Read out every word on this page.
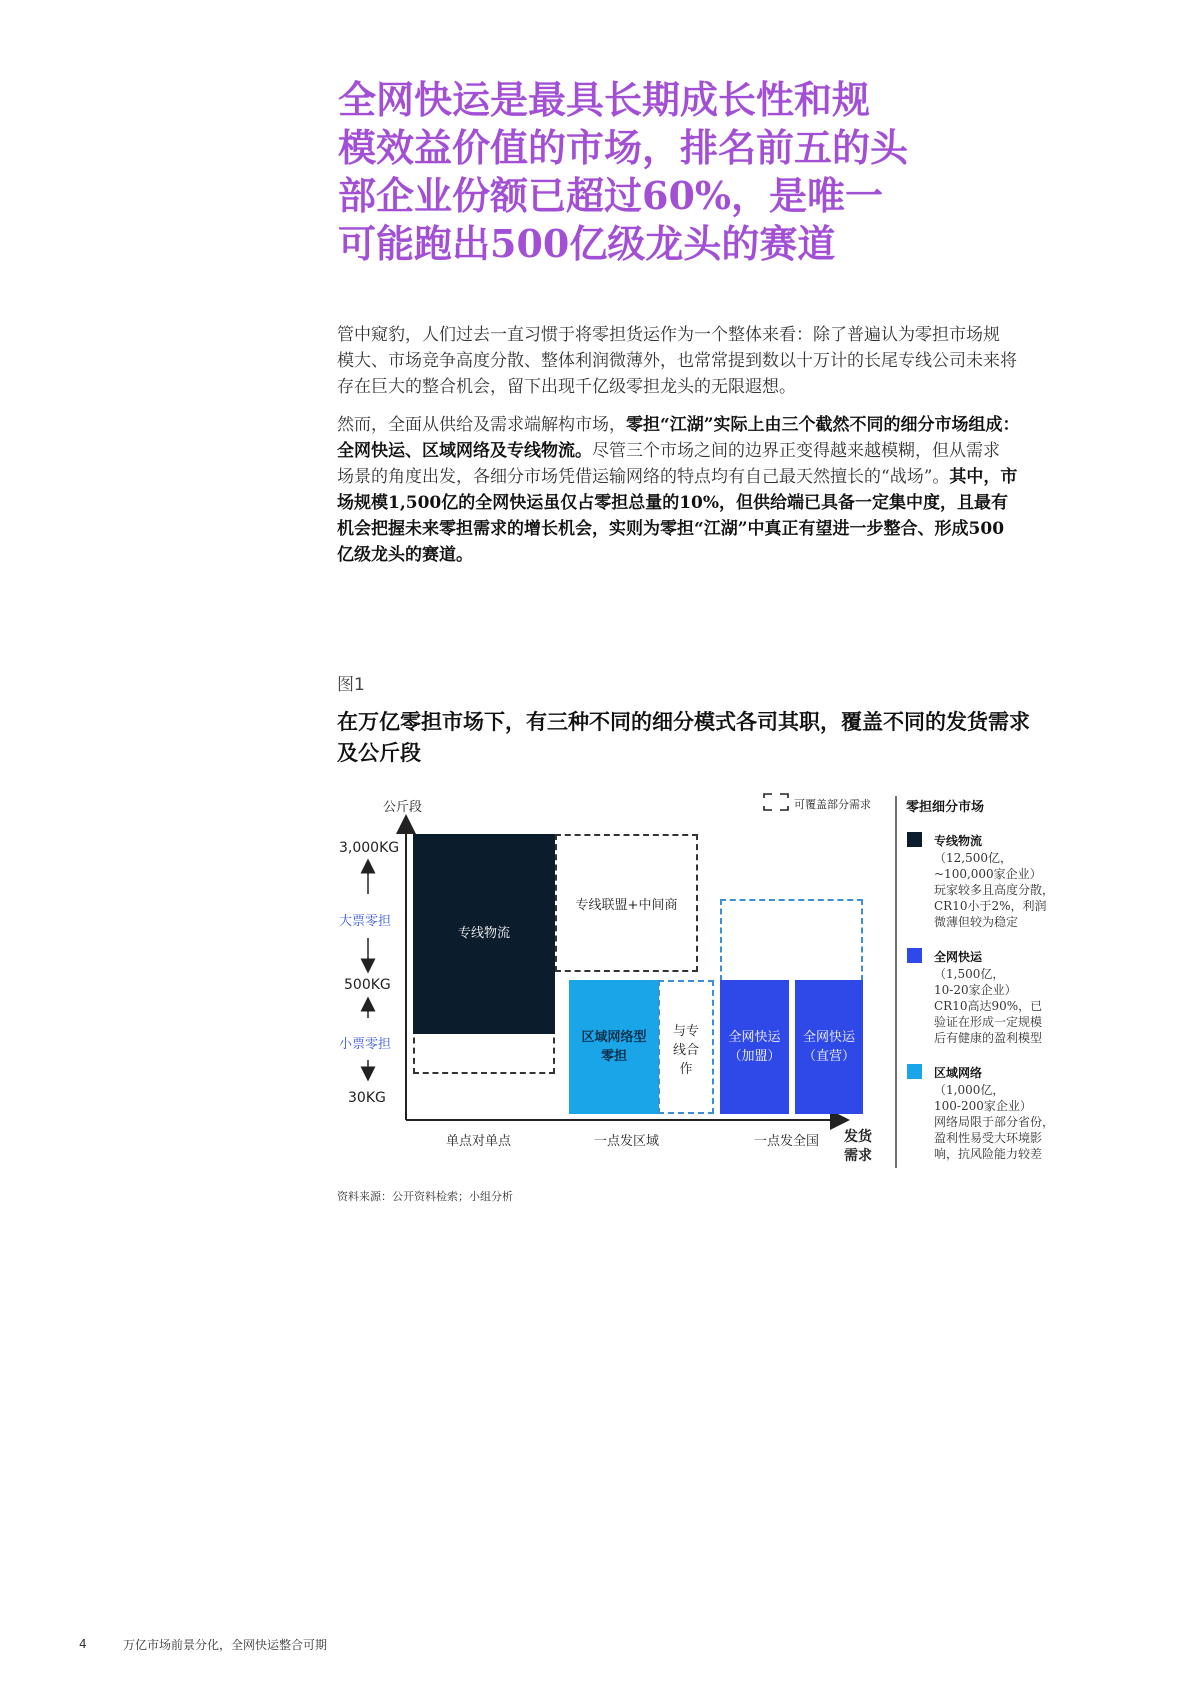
全网快运是最具长期成长性和规
模效益价值的市场，排名前五的头
部企业份额已超过60%，是唯一
可能跑出500亿级龙头的赛道
管中窥豹，人们过去一直习惯于将零担货运作为一个整体来看：除了普遍认为零担市场规
模大、市场竞争高度分散、整体利润微薄外，也常常提到数以十万计的长尾专线公司未来将
存在巨大的整合机会，留下出现千亿级零担龙头的无限遐想。
然而，全面从供给及需求端解构市场，零担“江湖”实际上由三个截然不同的细分市场组成：
全网快运、区域网络及专线物流。尽管三个市场之间的边界正变得越来越模糊，但从需求
场景的角度出发，各细分市场凭借运输网络的特点均有自己最天然擅长的“战场”。其中，市
场规模1,500亿的全网快运虽仅占零担总量的10%，但供给端已具备一定集中度，且最有
机会把握未来零担需求的增长机会，实则为零担“江湖”中真正有望进一步整合、形成500
亿级龙头的赛道。
图1
在万亿零担市场下，有三种不同的细分模式各司其职，覆盖不同的发货需求
及公斤段
公斤段
3,000KG
大票零担
500KG
小票零担
30KG
可覆盖部分需求
专线物流
专线联盟+中间商
区域网络型
零担
与专
线合
作
全网快运
（加盟）
全网快运
（直营）
单点对单点	一点发区域	一点发全国 发货
需求
零担细分市场
专线物流
（12,500亿，
~100,000家企业）
玩家较多且高度分散，
CR10小于2%，利润
微薄但较为稳定
全网快运
（1,500亿，
10-20家企业）
CR10高达90%，已
验证在形成一定规模
后有健康的盈利模型
区域网络
（1,000亿，
100-200家企业）
网络局限于部分省份，
盈利性易受大环境影
响，抗风险能力较差
资料来源：公开资料检索；小组分析
4	万亿市场前景分化，全网快运整合可期
